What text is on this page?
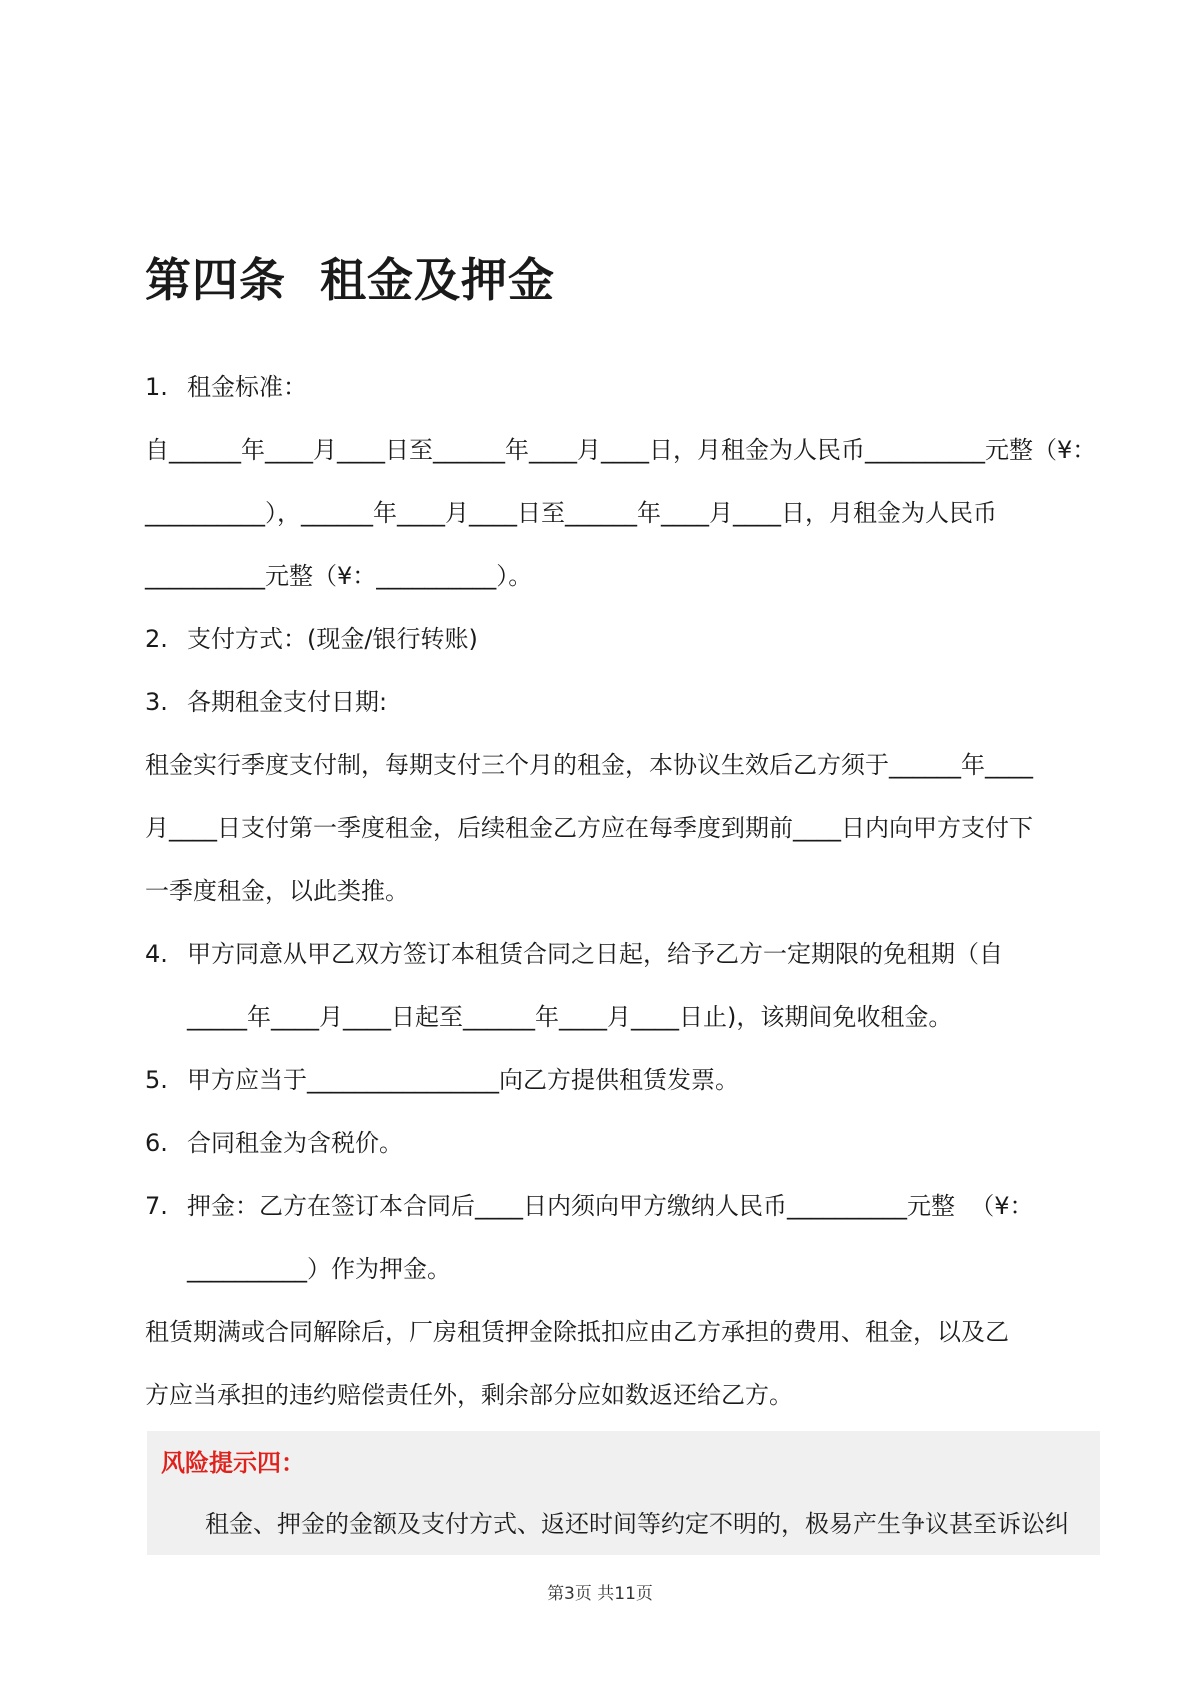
第四条  租金及押金
1. 租金标准：
自______年____月____日至______年____月____日，月租金为人民币__________元整（¥：
__________），______年____月____日至______年____月____日，月租金为人民币
__________元整（¥：__________）。
2. 支付方式：(现金/银行转账)
3. 各期租金支付日期:
租金实行季度支付制，每期支付三个月的租金，本协议生效后乙方须于______年____
月____日支付第一季度租金，后续租金乙方应在每季度到期前____日内向甲方支付下
一季度租金，以此类推。
4. 甲方同意从甲乙双方签订本租赁合同之日起，给予乙方一定期限的免租期（自
_____年____月____日起至______年____月____日止)，该期间免收租金。
5. 甲方应当于________________向乙方提供租赁发票。
6. 合同租金为含税价。
7. 押金：乙方在签订本合同后____日内须向甲方缴纳人民币__________元整  （¥：
__________）作为押金。
租赁期满或合同解除后，厂房租赁押金除抵扣应由乙方承担的费用、租金，以及乙
方应当承担的违约赔偿责任外，剩余部分应如数返还给乙方。
风险提示四：
租金、押金的金额及支付方式、返还时间等约定不明的，极易产生争议甚至诉讼纠
第3页 共11页
